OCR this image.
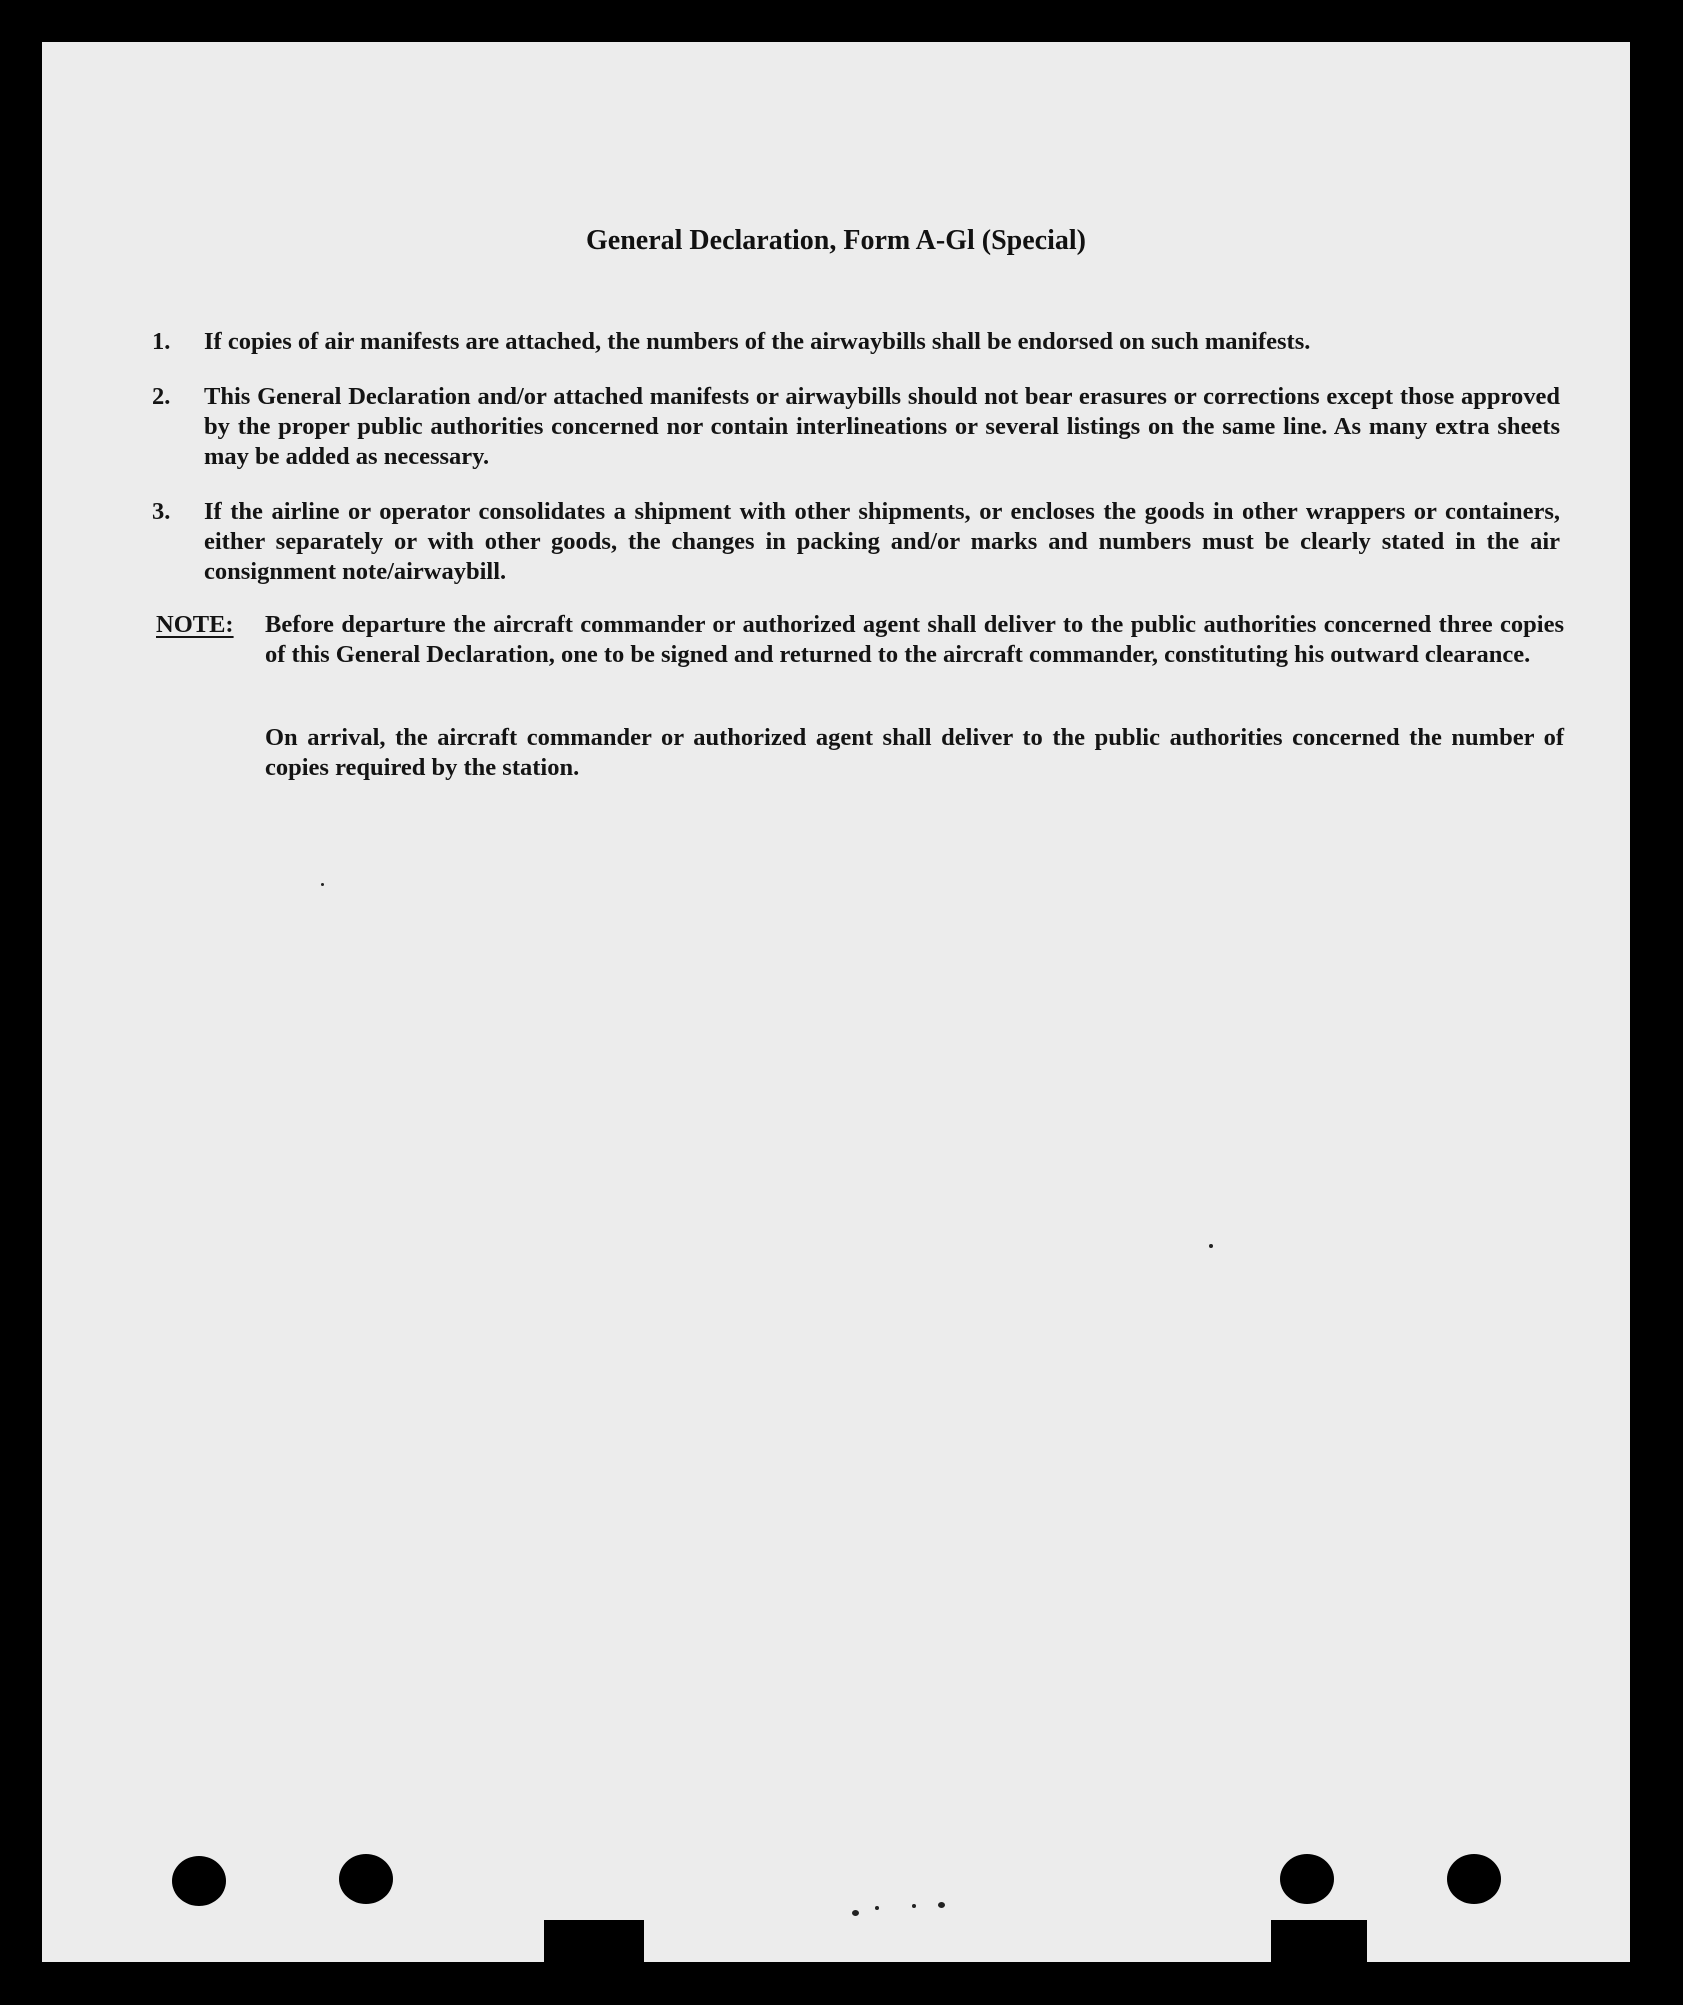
General Declaration, Form A-Gl (Special)
1.	If copies of air manifests are attached, the numbers of the airwaybills shall be endorsed on such manifests.
2.	This General Declaration and/or attached manifests or airwaybills should not bear erasures or corrections except those approved by the proper public authorities concerned nor contain interlineations or several listings on the same line. As many extra sheets may be added as necessary.
3.	If the airline or operator consolidates a shipment with other shipments, or encloses the goods in other wrappers or containers, either separately or with other goods, the changes in packing and/or marks and numbers must be clearly stated in the air consignment note/airwaybill.
NOTE:	Before departure the aircraft commander or authorized agent shall deliver to the public authorities concerned three copies of this General Declaration, one to be signed and returned to the aircraft commander, constituting his outward clearance.
On arrival, the aircraft commander or authorized agent shall deliver to the public authorities concerned the number of copies required by the station.
